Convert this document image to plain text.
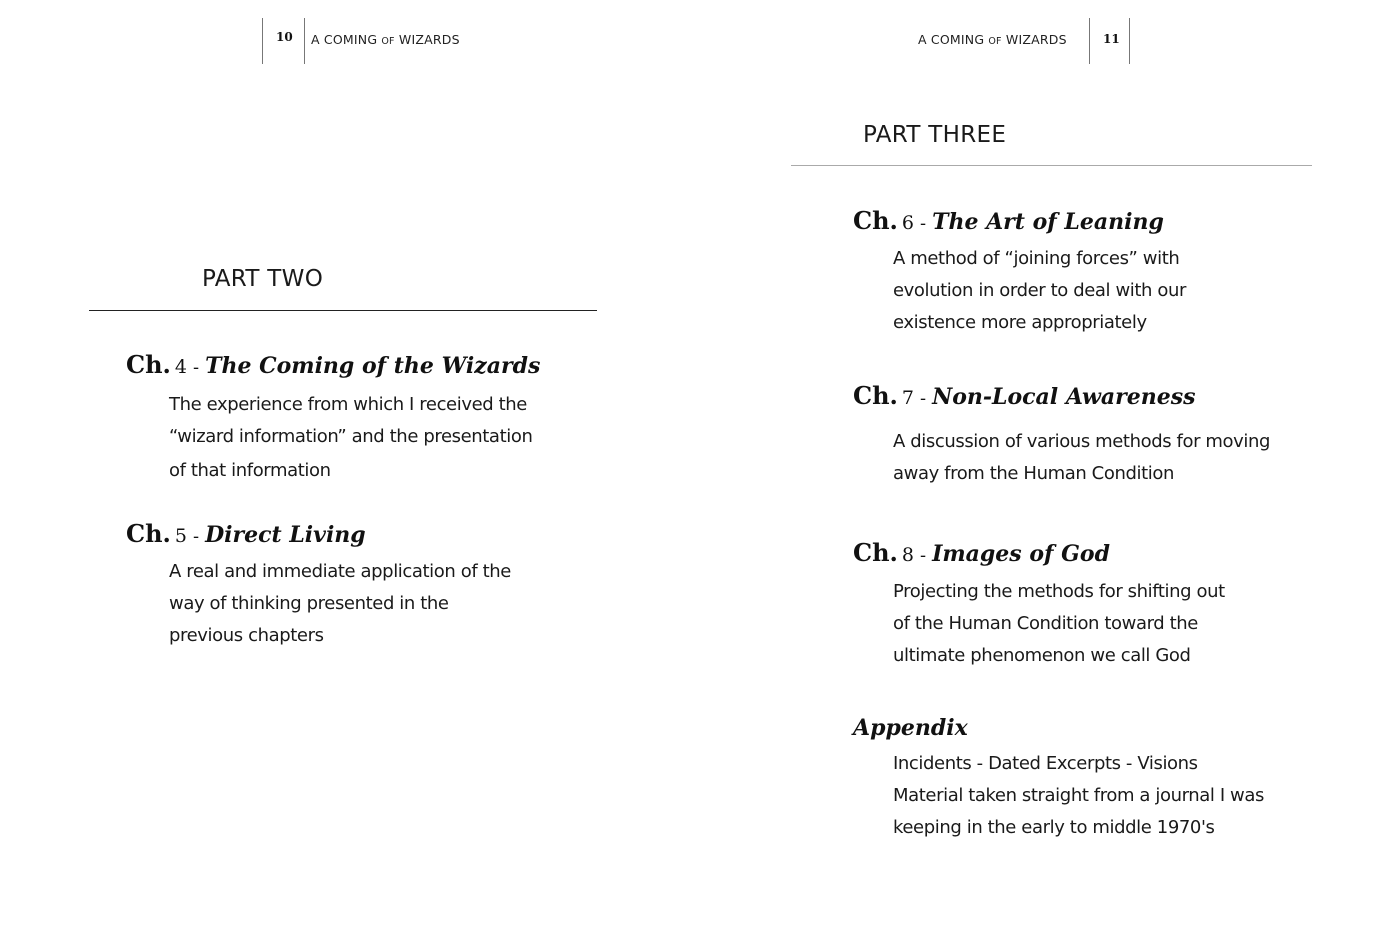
10 A COMING OF WIZARDS
PART TWO
Ch. 4 - The Coming of the Wizards
The experience from which I received the
“wizard information” and the presentation
of that information
Ch. 5 - Direct Living
A real and immediate application of the
way of thinking presented in the
previous chapters
A COMING OF WIZARDS	11
PART THREE
Ch. 6 - The Art of Leaning
A method of “joining forces” with
evolution in order to deal with our
existence more appropriately
Ch. 7 - Non-Local Awareness
A discussion of various methods for moving
away from the Human Condition
Ch. 8 - Images of God
Projecting the methods for shifting out
of the Human Condition toward the
ultimate phenomenon we call God
Appendix
Incidents - Dated Excerpts - Visions
Material taken straight from a journal I was
keeping in the early to middle 1970's
